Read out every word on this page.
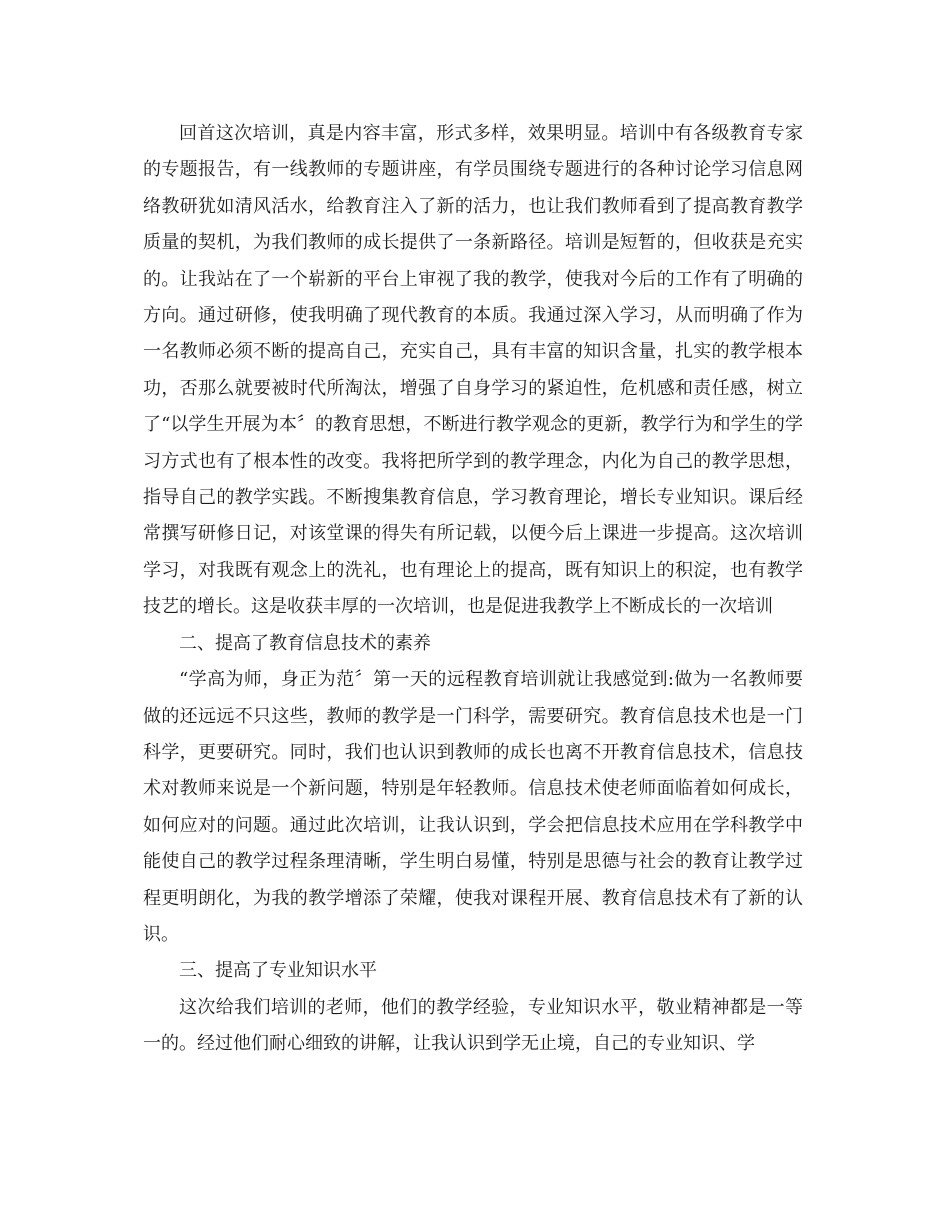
回首这次培训，真是内容丰富，形式多样，效果明显。培训中有各级教育专家的专题报告，有一线教师的专题讲座，有学员围绕专题进行的各种讨论学习信息网络教研犹如清风活水，给教育注入了新的活力，也让我们教师看到了提高教育教学质量的契机，为我们教师的成长提供了一条新路径。培训是短暂的，但收获是充实的。让我站在了一个崭新的平台上审视了我的教学，使我对今后的工作有了明确的方向。通过研修，使我明确了现代教育的本质。我通过深入学习，从而明确了作为一名教师必须不断的提高自己，充实自己，具有丰富的知识含量，扎实的教学根本功，否那么就要被时代所淘汰，增强了自身学习的紧迫性，危机感和责任感，树立了“以学生开展为本〞的教育思想，不断进行教学观念的更新，教学行为和学生的学习方式也有了根本性的改变。我将把所学到的教学理念，内化为自己的教学思想，指导自己的教学实践。不断搜集教育信息，学习教育理论，增长专业知识。课后经常撰写研修日记，对该堂课的得失有所记载，以便今后上课进一步提高。这次培训学习，对我既有观念上的洗礼，也有理论上的提高，既有知识上的积淀，也有教学技艺的增长。这是收获丰厚的一次培训，也是促进我教学上不断成长的一次培训

二、提高了教育信息技术的素养

“学高为师，身正为范〞第一天的远程教育培训就让我感觉到:做为一名教师要做的还远远不只这些，教师的教学是一门科学，需要研究。教育信息技术也是一门科学，更要研究。同时，我们也认识到教师的成长也离不开教育信息技术，信息技术对教师来说是一个新问题，特别是年轻教师。信息技术使老师面临着如何成长，如何应对的问题。通过此次培训，让我认识到，学会把信息技术应用在学科教学中能使自己的教学过程条理清晰，学生明白易懂，特别是思德与社会的教育让教学过程更明朗化，为我的教学增添了荣耀，使我对课程开展、教育信息技术有了新的认识。

三、提高了专业知识水平

这次给我们培训的老师，他们的教学经验，专业知识水平，敬业精神都是一等一的。经过他们耐心细致的讲解，让我认识到学无止境，自己的专业知识、学
